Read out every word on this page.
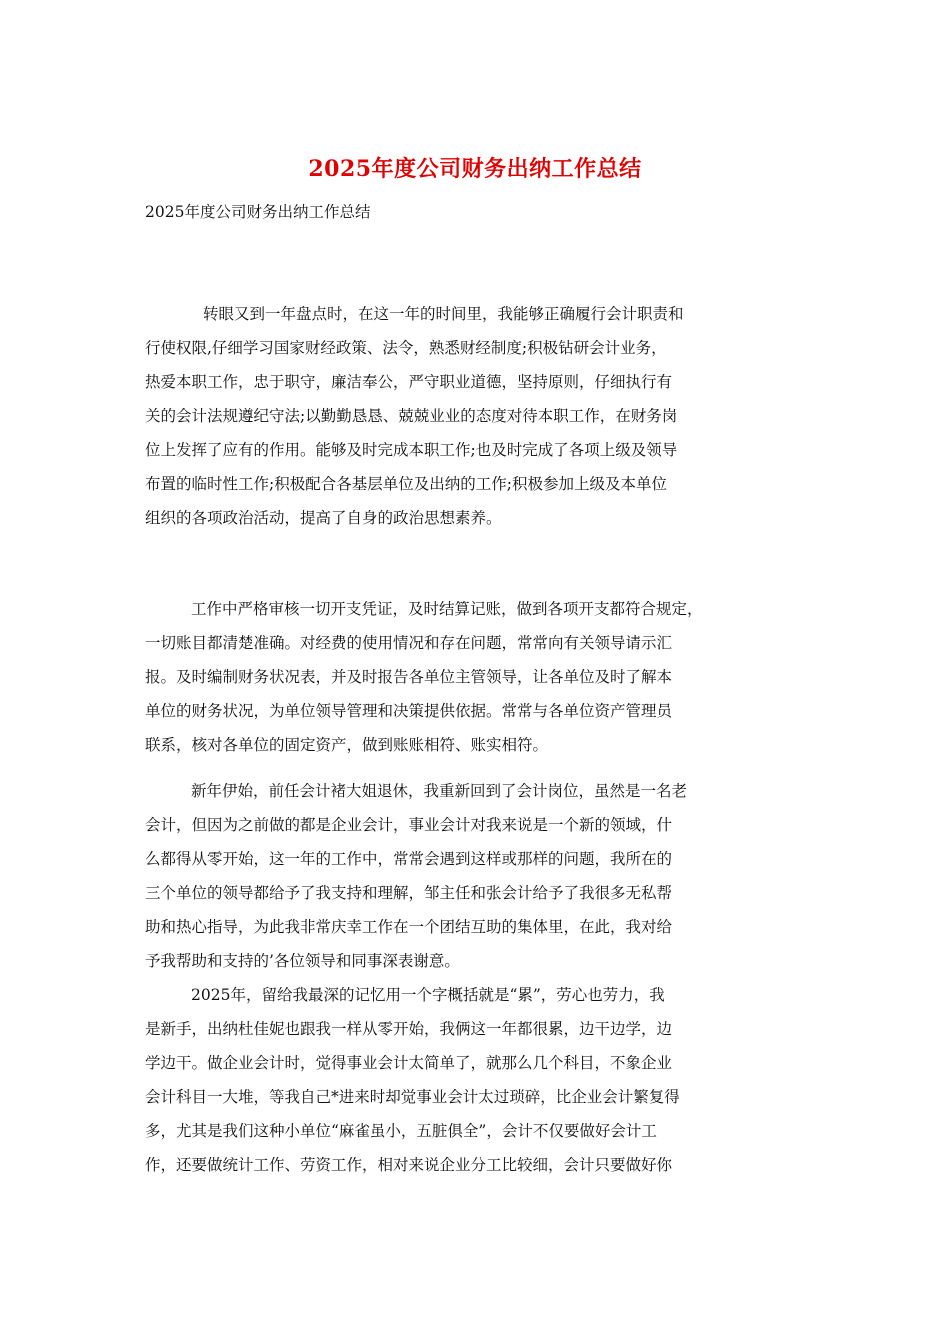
2025年度公司财务出纳工作总结
2025年度公司财务出纳工作总结
转眼又到一年盘点时，在这一年的时间里，我能够正确履行会计职责和
行使权限,仔细学习国家财经政策、法令，熟悉财经制度;积极钻研会计业务，
热爱本职工作，忠于职守，廉洁奉公，严守职业道德，坚持原则，仔细执行有
关的会计法规遵纪守法;以勤勤恳恳、兢兢业业的态度对待本职工作，在财务岗
位上发挥了应有的作用。能够及时完成本职工作;也及时完成了各项上级及领导
布置的临时性工作;积极配合各基层单位及出纳的工作;积极参加上级及本单位
组织的各项政治活动，提高了自身的政治思想素养。
工作中严格审核一切开支凭证，及时结算记账，做到各项开支都符合规定，
一切账目都清楚准确。对经费的使用情况和存在问题，常常向有关领导请示汇
报。及时编制财务状况表，并及时报告各单位主管领导，让各单位及时了解本
单位的财务状况，为单位领导管理和决策提供依据。常常与各单位资产管理员
联系，核对各单位的固定资产，做到账账相符、账实相符。
新年伊始，前任会计褚大姐退休，我重新回到了会计岗位，虽然是一名老
会计，但因为之前做的都是企业会计，事业会计对我来说是一个新的领域，什
么都得从零开始，这一年的工作中，常常会遇到这样或那样的问题，我所在的
三个单位的领导都给予了我支持和理解，邹主任和张会计给予了我很多无私帮
助和热心指导，为此我非常庆幸工作在一个团结互助的集体里，在此，我对给
予我帮助和支持的’各位领导和同事深表谢意。
2025年，留给我最深的记忆用一个字概括就是“累”，劳心也劳力，我
是新手，出纳杜佳妮也跟我一样从零开始，我俩这一年都很累，边干边学，边
学边干。做企业会计时，觉得事业会计太简单了，就那么几个科目，不象企业
会计科目一大堆，等我自己*进来时却觉事业会计太过琐碎，比企业会计繁复得
多，尤其是我们这种小单位“麻雀虽小，五脏俱全”，会计不仅要做好会计工
作，还要做统计工作、劳资工作，相对来说企业分工比较细，会计只要做好你
